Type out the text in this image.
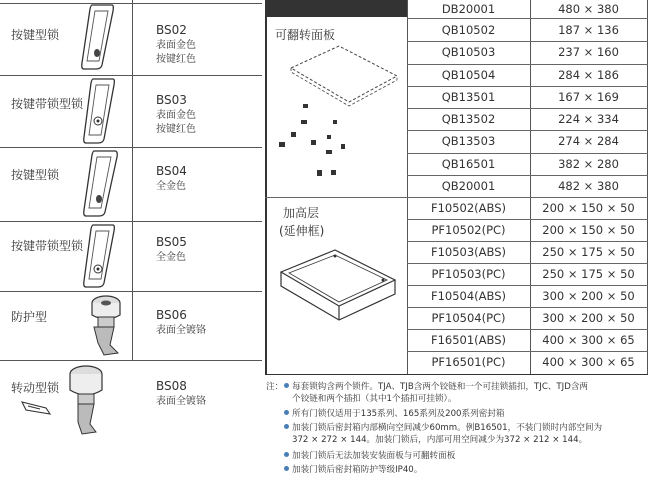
按键型锁	BS02
表面金色
按键红色
按键带锁型锁	BS03
表面金色
按键红色
按键型锁	BS04
全金色
按键带锁型锁	BS05
全金色
防护型	BS06
表面全镀铬
转动型锁	BS08
表面全镀铬
DB20001	480 × 380
可翻转面板	QB10502	187 × 136
QB10503	237 × 160
QB10504	284 × 186
QB13501	167 × 169
QB13502	224 × 334
QB13503	274 × 284
QB16501	382 × 280
QB20001	482 × 380
加高层
(延伸框)
F10502(ABS)	200 × 150 × 50
PF10502(PC)	200 × 150 × 50
F10503(ABS)	250 × 175 × 50
PF10503(PC)	250 × 175 × 50
F10504(ABS)	300 × 200 × 50
PF10504(PC)	300 × 200 × 50
F16501(ABS)	400 × 300 × 65
PF16501(PC)	400 × 300 × 65
注：	每套锁钩含两个锁件。TJA、TJB含两个铰链和一个可挂锁插扣，TJC、TJD含两
个铰链和两个插扣（其中1个插扣可挂锁）。
所有门锁仅适用于135系列、165系列及200系列密封箱
加装门锁后密封箱内部横向空间减少60mm。例B16501，不装门锁时内部空间为
372 × 272 × 144。加装门锁后，内部可用空间减少为372 × 212 × 144。
加装门锁后无法加装安装面板与可翻转面板
加装门锁后密封箱防护等级IP40。
